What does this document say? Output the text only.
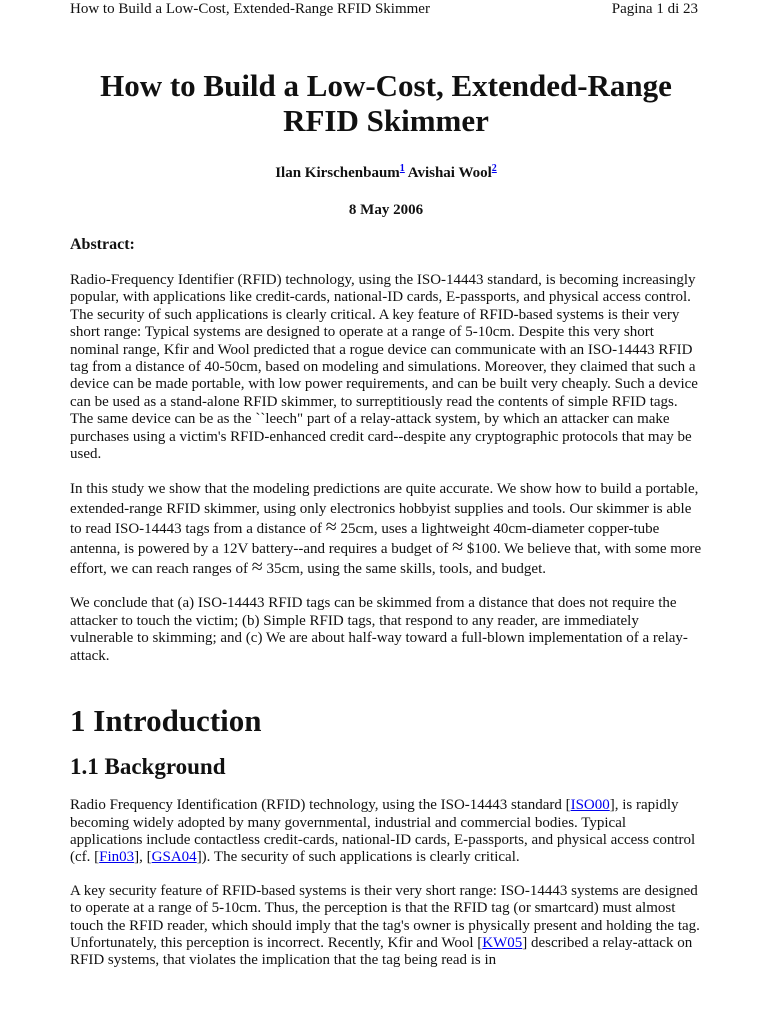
How to Build a Low-Cost, Extended-Range RFID Skimmer	Pagina 1 di 23
How to Build a Low-Cost, Extended-Range RFID Skimmer
Ilan Kirschenbaum$^1$ Avishai Wool$^2$
8 May 2006
Abstract:

Radio-Frequency Identifier (RFID) technology, using the ISO-14443 standard, is becoming increasingly popular, with applications like credit-cards, national-ID cards, E-passports, and physical access control. The security of such applications is clearly critical. A key feature of RFID-based systems is their very short range: Typical systems are designed to operate at a range of 5-10cm. Despite this very short nominal range, Kfir and Wool predicted that a rogue device can communicate with an ISO-14443 RFID tag from a distance of 40-50cm, based on modeling and simulations. Moreover, they claimed that such a device can be made portable, with low power requirements, and can be built very cheaply. Such a device can be used as a stand-alone RFID skimmer, to surreptitiously read the contents of simple RFID tags. The same device can be as the ``leech" part of a relay-attack system, by which an attacker can make purchases using a victim's RFID-enhanced credit card--despite any cryptographic protocols that may be used.

In this study we show that the modeling predictions are quite accurate. We show how to build a portable, extended-range RFID skimmer, using only electronics hobbyist supplies and tools. Our skimmer is able to read ISO-14443 tags from a distance of ≈ 25cm, uses a lightweight 40cm-diameter copper-tube antenna, is powered by a 12V battery--and requires a budget of ≈ $100. We believe that, with some more effort, we can reach ranges of ≈ 35cm, using the same skills, tools, and budget.

We conclude that (a) ISO-14443 RFID tags can be skimmed from a distance that does not require the attacker to touch the victim; (b) Simple RFID tags, that respond to any reader, are immediately vulnerable to skimming; and (c) We are about half-way toward a full-blown implementation of a relay-attack.

1 Introduction
1.1 Background

Radio Frequency Identification (RFID) technology, using the ISO-14443 standard [ISO00], is rapidly becoming widely adopted by many governmental, industrial and commercial bodies. Typical applications include contactless credit-cards, national-ID cards, E-passports, and physical access control (cf. [Fin03], [GSA04]). The security of such applications is clearly critical.

A key security feature of RFID-based systems is their very short range: ISO-14443 systems are designed to operate at a range of 5-10cm. Thus, the perception is that the RFID tag (or smartcard) must almost touch the RFID reader, which should imply that the tag's owner is physically present and holding the tag. Unfortunately, this perception is incorrect. Recently, Kfir and Wool [KW05] described a relay-attack on RFID systems, that violates the implication that the tag being read is in
